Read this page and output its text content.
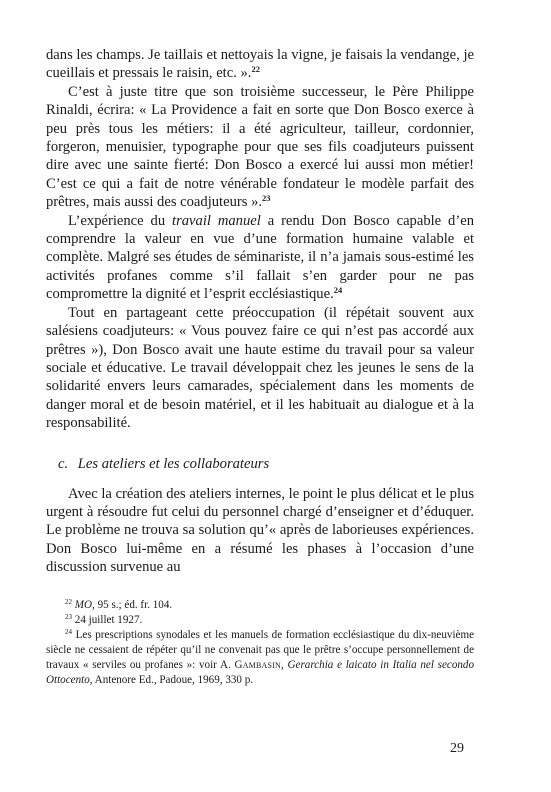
dans les champs. Je taillais et nettoyais la vigne, je faisais la vendange, je cueillais et pressais le raisin, etc. ».$^{22}$

C’est à juste titre que son troisième successeur, le Père Philippe Rinaldi, écrira: « La Providence a fait en sorte que Don Bosco exerce à peu près tous les métiers: il a été agriculteur, tailleur, cordonnier, forgeron, menuisier, typographe pour que ses fils coadjuteurs puissent dire avec une sainte fierté: Don Bosco a exercé lui aussi mon métier! C’est ce qui a fait de notre vénérable fondateur le modèle parfait des prêtres, mais aussi des coadjuteurs ».$^{23}$

L’expérience du travail manuel a rendu Don Bosco capable d’en comprendre la valeur en vue d’une formation humaine valable et complète. Malgré ses études de séminariste, il n’a jamais sous-estimé les activités profanes comme s’il fallait s’en garder pour ne pas compromettre la dignité et l’esprit ecclésiastique.$^{24}$

Tout en partageant cette préoccupation (il répétait souvent aux salésiens coadjuteurs: « Vous pouvez faire ce qui n’est pas accordé aux prêtres »), Don Bosco avait une haute estime du travail pour sa valeur sociale et éducative. Le travail développait chez les jeunes le sens de la solidarité envers leurs camarades, spécialement dans les moments de danger moral et de besoin matériel, et il les habituait au dialogue et à la responsabilité.

c. Les ateliers et les collaborateurs

Avec la création des ateliers internes, le point le plus délicat et le plus urgent à résoudre fut celui du personnel chargé d’enseigner et d’éduquer. Le problème ne trouva sa solution qu’« après de laborieuses expériences. Don Bosco lui-même en a résumé les phases à l’occasion d’une discussion survenue au

$^{22}$ MO, 95 s.; éd. fr. 104.

$^{23}$ 24 juillet 1927.

$^{24}$ Les prescriptions synodales et les manuels de formation ecclésiastique du dix-neuvième siècle ne cessaient de répéter qu’il ne convenait pas que le prêtre s’occupe personnellement de travaux « serviles ou profanes »: voir A. Gambasin, Gerarchia e laicato in Italia nel secondo Ottocento, Antenore Ed., Padoue, 1969, 330 p.

29
